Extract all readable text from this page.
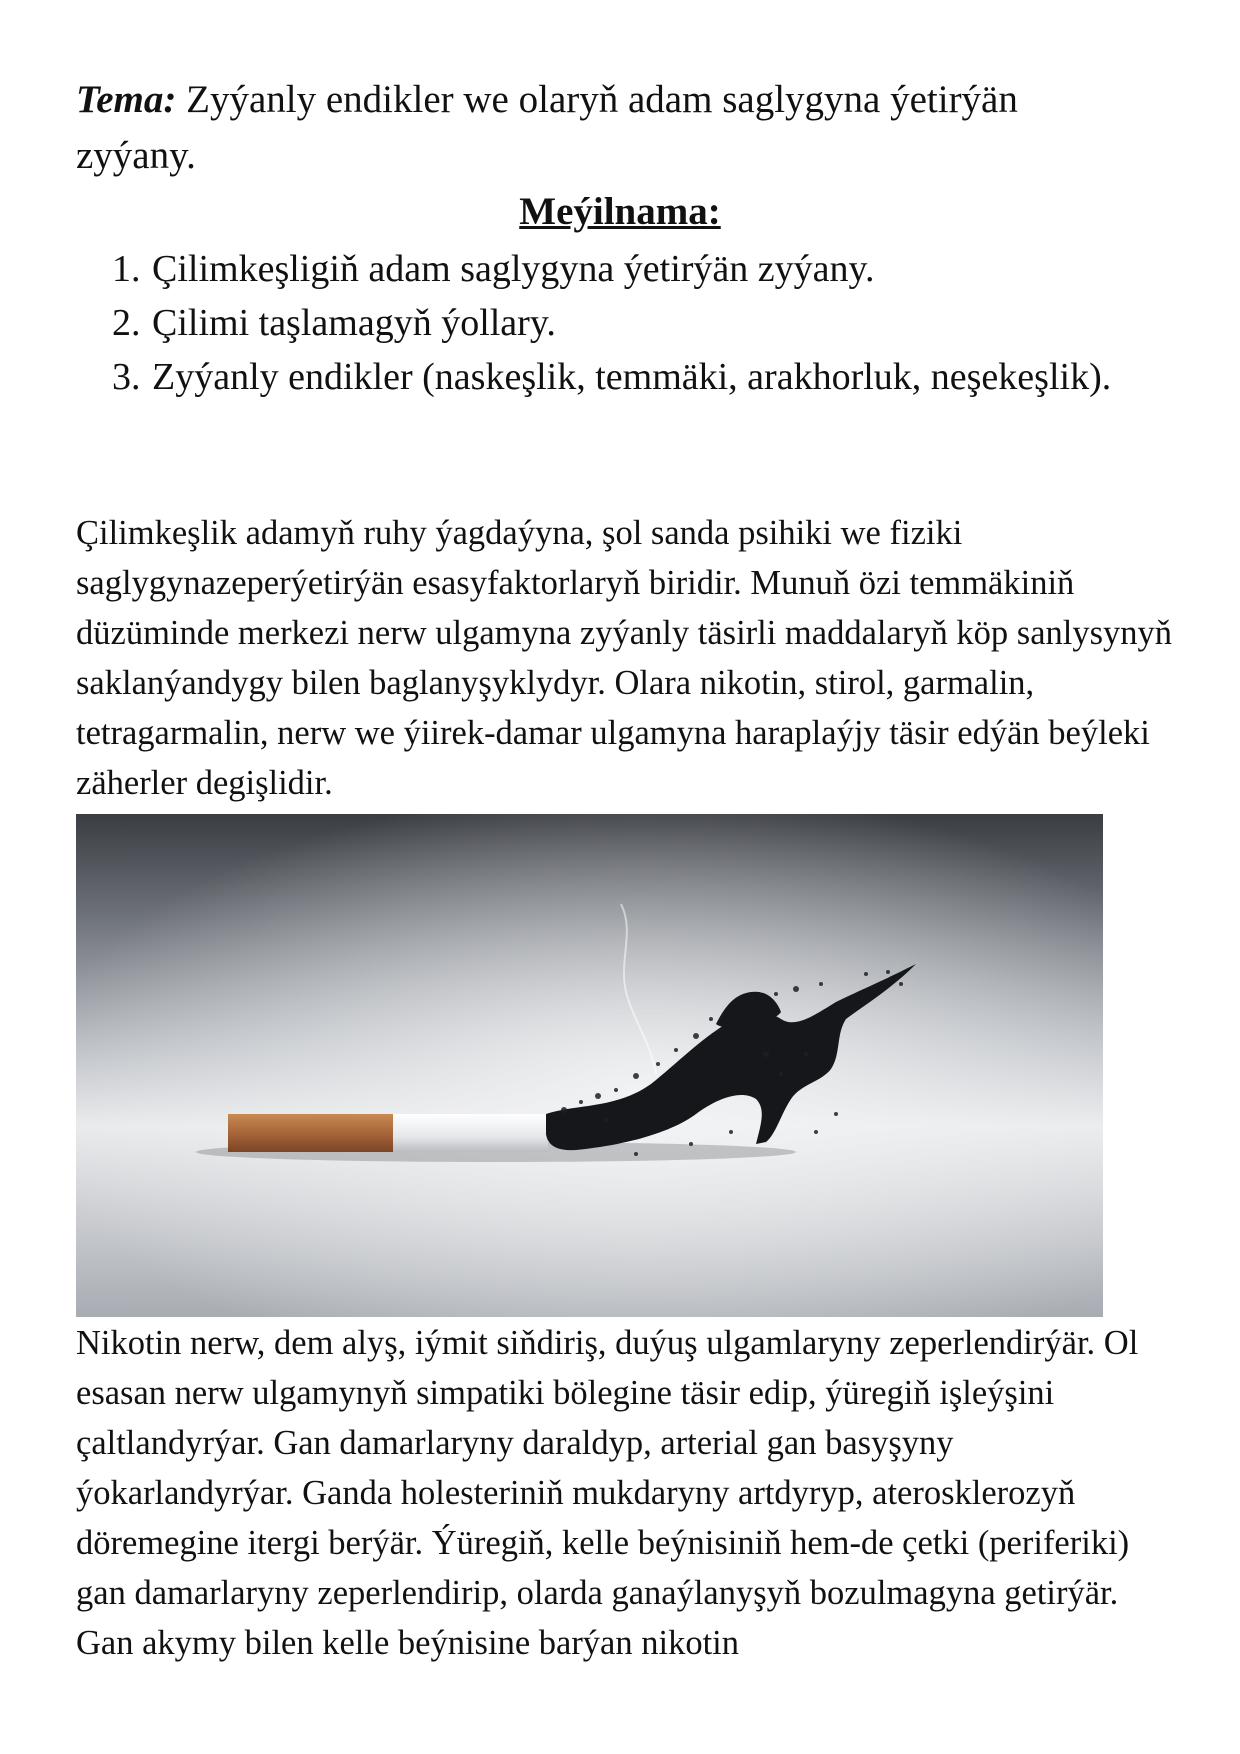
Tema: Zyýanly endikler we olaryň adam saglygyna ýetirýän zyýany.

Meýilnama:

1. Çilimkeşligiň adam saglygyna ýetirýän zyýany.
2. Çilimi taşlamagyň ýollary.
3. Zyýanly endikler (naskeşlik, temmäki, arakhorluk, neşekeşlik).

Çilimkeşlik adamyň ruhy ýagdaýyna, şol sanda psihiki we fiziki saglygynazeperýetirýän esasyfaktorlaryň biridir. Munuň özi temmäkiniň düzüminde merkezi nerw ulgamyna zyýanly täsirli maddalaryň köp sanlysynyň saklanýandygy bilen baglanyşyklydyr. Olara nikotin, stirol, garmalin, tetragarmalin, nerw we ýiirek-damar ulgamyna haraplaýjy täsir edýän beýleki zäherler degişlidir.

Nikotin nerw, dem alyş, iýmit siňdiriş, duýuş ulgamlaryny zeperlendirýär. Ol esasan nerw ulgamynyň simpatiki bölegine täsir edip, ýüregiň işleýşini çaltlandyrýar. Gan damarlaryny daraldyp, arterial gan basyşyny ýokarlandyrýar. Ganda holesteriniň mukdaryny artdyryp, aterosklerozyň döremegine itergi berýär. Ýüregiň, kelle beýnisiniň hem-de çetki (periferiki) gan damarlaryny zeperlendirip, olarda ganaýlanyşyň bozulmagyna getirýär. Gan akymy bilen kelle beýnisine barýan nikotin
